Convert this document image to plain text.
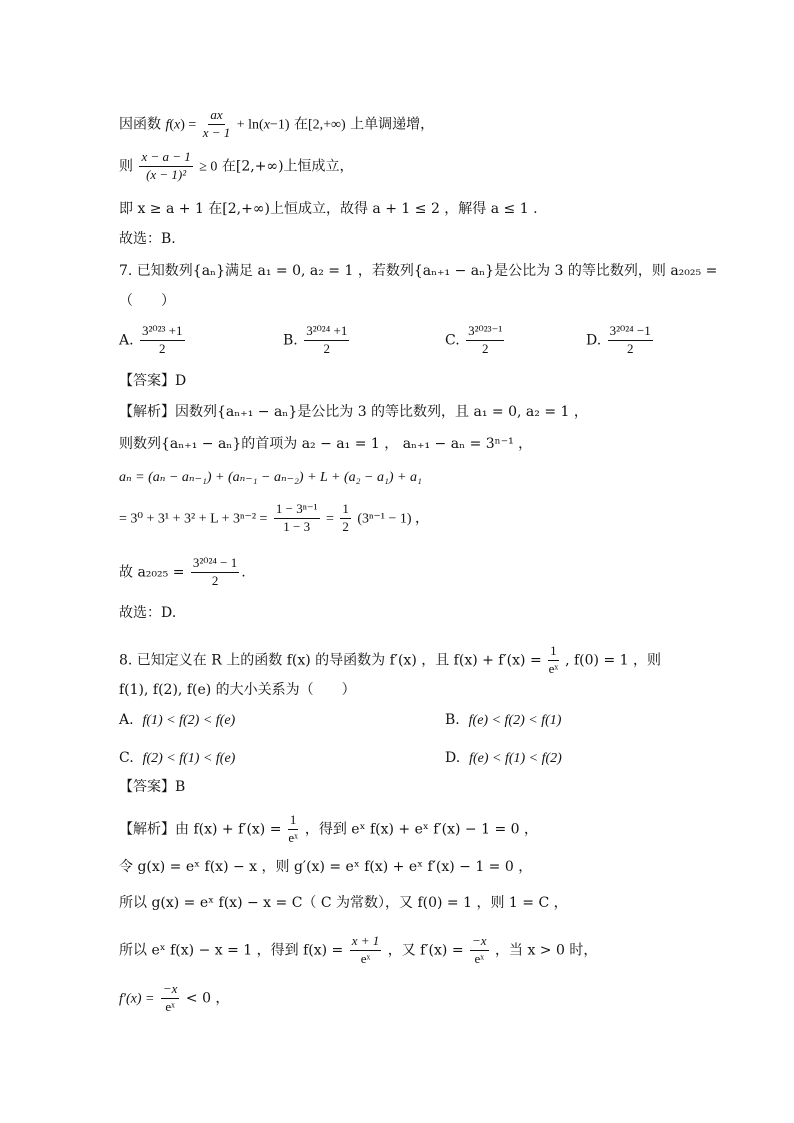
因函数 $f(x) = \frac{ax}{x - 1} + \ln(x-1)$ 在[2,+∞) 上单调递增，
则 $\frac{x - a - 1}{\text{(x − 1)²}} \ge 0$ 在[2,+∞)上恒成立，
即 x ≥ a + 1 在[2,+∞)上恒成立，故得 a + 1 ≤ 2 ，解得 a ≤ 1 .
故选：B.
7. 已知数列{aₙ}满足 a₁ = 0, a₂ = 1 ，若数列{aₙ₊₁ − aₙ}是公比为 3 的等比数列，则 a₂₀₂₅ =
（　　）
A. $\frac{\text{3²⁰²³ +1}}{2}$	B. $\frac{\text{3²⁰²⁴ +1}}{2}$	C. $\frac{\text{3²⁰²³⁻¹}}{2}$	D. $\frac{\text{3²⁰²⁴ −1}}{2}$
【答案】D
【解析】因数列{aₙ₊₁ − aₙ}是公比为 3 的等比数列，且 a₁ = 0, a₂ = 1 ，
则数列{aₙ₊₁ − aₙ}的首项为 a₂ − a₁ = 1 ， aₙ₊₁ − aₙ = 3ⁿ⁻¹ ，
aₙ = (aₙ − aₙ₋₁) + (aₙ₋₁ − aₙ₋₂) + L + (a₂ − a₁) + a₁
= $3^0 + 3^1 + 3^2 + L + 3^{n-2} = \frac{\text{1 − 3ⁿ⁻¹}}{1 - 3} = \frac{1}{2} (3^{n-1} - 1)$ ，
故 $a_{2025} = \frac{\text{3²⁰²⁴ − 1}}{2}$ .
故选：D.
8. 已知定义在 R 上的函数 f(x) 的导函数为 f′(x) ，且 $f(x) + f'(x) = \frac{1}{\text{eˣ}}$ , f(0) = 1 ，则
f(1), f(2), f(e) 的大小关系为（　　）
A. f(1) < f(2) < f(e)	B. f(e) < f(2) < f(1)
C. f(2) < f(1) < f(e)	D. f(e) < f(1) < f(2)
【答案】B
【解析】由 $f(x) + f'(x) = \frac{1}{\text{eˣ}}$ ，得到 eˣ f(x) + eˣ f′(x) − 1 = 0 ，
令 g(x) = eˣ f(x) − x ，则 g′(x) = eˣ f(x) + eˣ f′(x) − 1 = 0 ，
所以 g(x) = eˣ f(x) − x = C（ C 为常数），又 f(0) = 1 ，则 1 = C ，
所以 eˣ f(x) − x = 1 ，得到 $f(x) = \frac{x + 1}{\text{eˣ}}$ ，又 $f'(x) = \frac{-x}{\text{eˣ}}$ ，当 x > 0 时，
$f'(x) = \frac{-x}{\text{eˣ}} < 0$ ，
